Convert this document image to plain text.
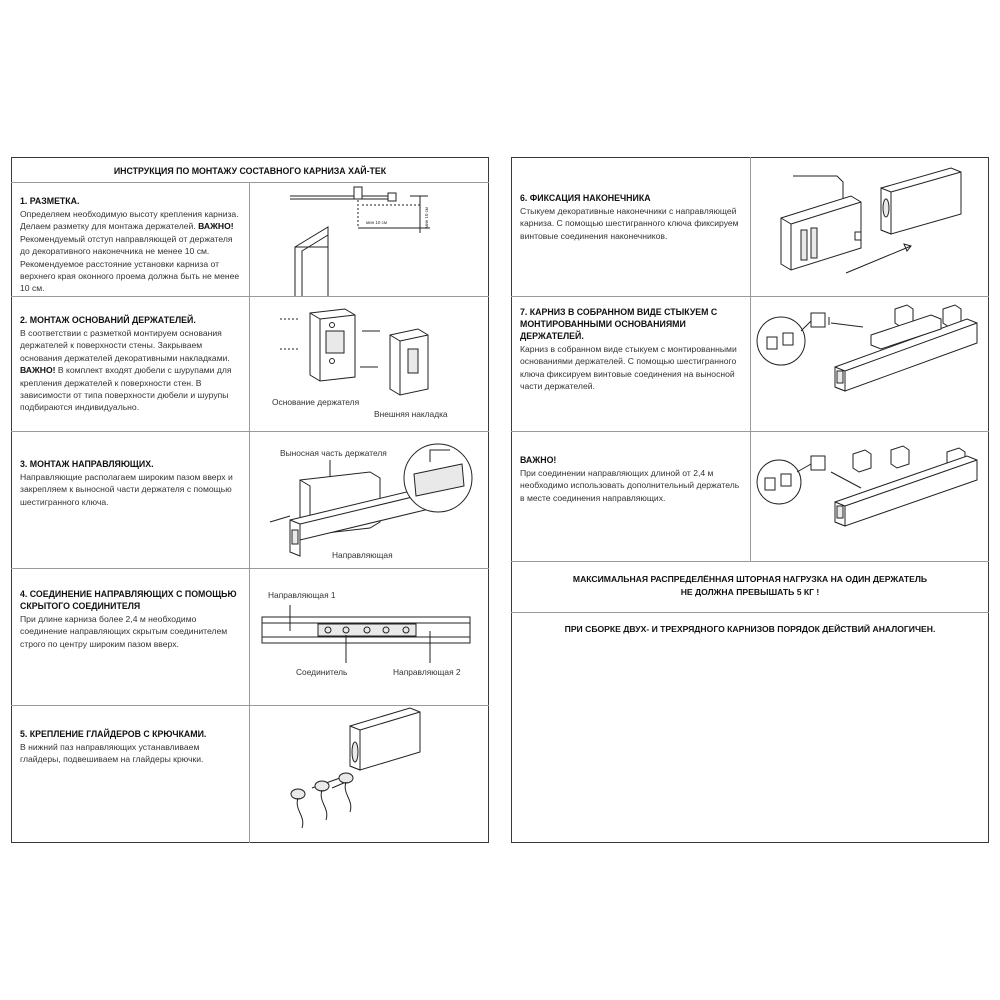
ИНСТРУКЦИЯ ПО МОНТАЖУ СОСТАВНОГО КАРНИЗА ХАЙ-ТЕК
1. РАЗМЕТКА.
Определяем необходимую высоту крепления карниза. Делаем разметку для монтажа держателей. ВАЖНО! Рекомендуемый отступ направляющей от держателя до декоративного наконечника не менее 10 см. Рекомендуемое расстояние установки карниза от верхнего края оконного проема должна быть не менее 10 см.
мин 10 см	мин 10 см
2. МОНТАЖ ОСНОВАНИЙ ДЕРЖАТЕЛЕЙ.
В соответствии с разметкой монтируем основания держателей к поверхности стены. Закрываем основания держателей декоративными накладками.
ВАЖНО! В комплект входят дюбели с шурупами для крепления держателей к поверхности стен. В зависимости от типа поверхности дюбели и шурупы подбираются индивидуально.
Основание держателя
Внешняя накладка
3. МОНТАЖ НАПРАВЛЯЮЩИХ.
Направляющие располагаем широким пазом вверх и закрепляем к выносной части держателя с помощью шестигранного ключа.
Выносная часть держателя
Направляющая
4. СОЕДИНЕНИЕ НАПРАВЛЯЮЩИХ С ПОМОЩЬЮ СКРЫТОГО СОЕДИНИТЕЛЯ
При длине карниза более 2,4 м необходимо соединение направляющих скрытым соединителем строго по центру широким пазом вверх.
Направляющая 1
Соединитель	Направляющая 2
5. КРЕПЛЕНИЕ ГЛАЙДЕРОВ С КРЮЧКАМИ.
В нижний паз направляющих устанавливаем глайдеры, подвешиваем на глайдеры крючки.
6. ФИКСАЦИЯ НАКОНЕЧНИКА
Стыкуем декоративные наконечники с направляющей карниза. С помощью шестигранного ключа фиксируем винтовые соединения наконечников.
7. КАРНИЗ В СОБРАННОМ ВИДЕ СТЫКУЕМ С МОНТИРОВАННЫМИ ОСНОВАНИЯМИ ДЕРЖАТЕЛЕЙ.
Карниз в собранном виде стыкуем с монтированными основаниями держателей. С помощью шестигранного ключа фиксируем винтовые соединения на выносной части держателей.
ВАЖНО!
При соединении направляющих длиной от 2,4 м необходимо использовать дополнительный держатель в месте соединения направляющих.
МАКСИМАЛЬНАЯ РАСПРЕДЕЛЁННАЯ ШТОРНАЯ НАГРУЗКА НА ОДИН ДЕРЖАТЕЛЬ
НЕ ДОЛЖНА ПРЕВЫШАТЬ 5 КГ !
ПРИ СБОРКЕ ДВУХ- И ТРЕХРЯДНОГО КАРНИЗОВ ПОРЯДОК ДЕЙСТВИЙ АНАЛОГИЧЕН.
